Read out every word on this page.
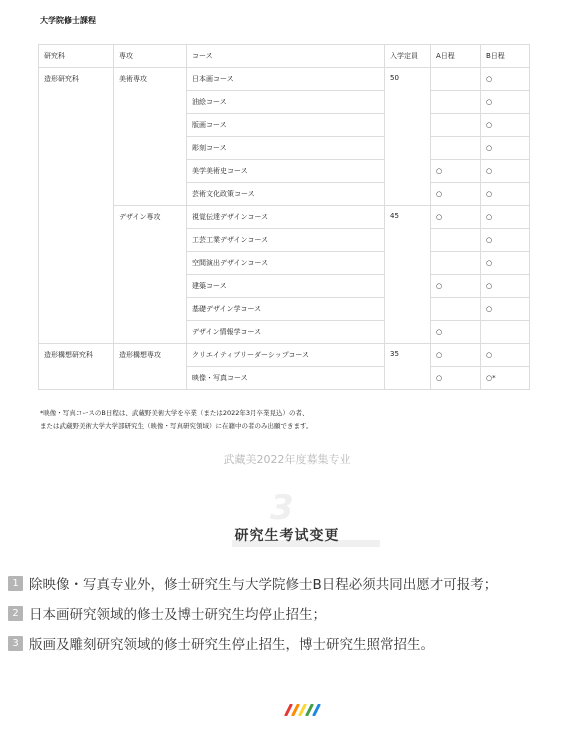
大学院修士課程
研究科	専攻	コース	入学定員	A日程	B日程
造形研究科	美術専攻	日本画コース	50		○
		油絵コース			○
		版画コース			○
		彫刻コース			○
		美学美術史コース		○	○
		芸術文化政策コース		○	○
	デザイン専攻	視覚伝達デザインコース	45	○	○
		工芸工業デザインコース			○
		空間演出デザインコース			○
		建築コース		○	○
		基礎デザイン学コース			○
		デザイン情報学コース		○	
造形構想研究科	造形構想専攻	クリエイティブリーダーシップコース	35	○	○
		映像・写真コース		○	○*
*映像・写真コースのB日程は、武蔵野美術大学を卒業（または2022年3月卒業見込）の者、
または武蔵野美術大学大学部研究生（映像・写真研究領域）に在籍中の者のみ出願できます。
武藏美2022年度募集专业
3
研究生考试变更
1 除映像・写真专业外，修士研究生与大学院修士B日程必须共同出愿才可报考；
2 日本画研究领域的修士及博士研究生均停止招生；
3 版画及雕刻研究领域的修士研究生停止招生，博士研究生照常招生。
